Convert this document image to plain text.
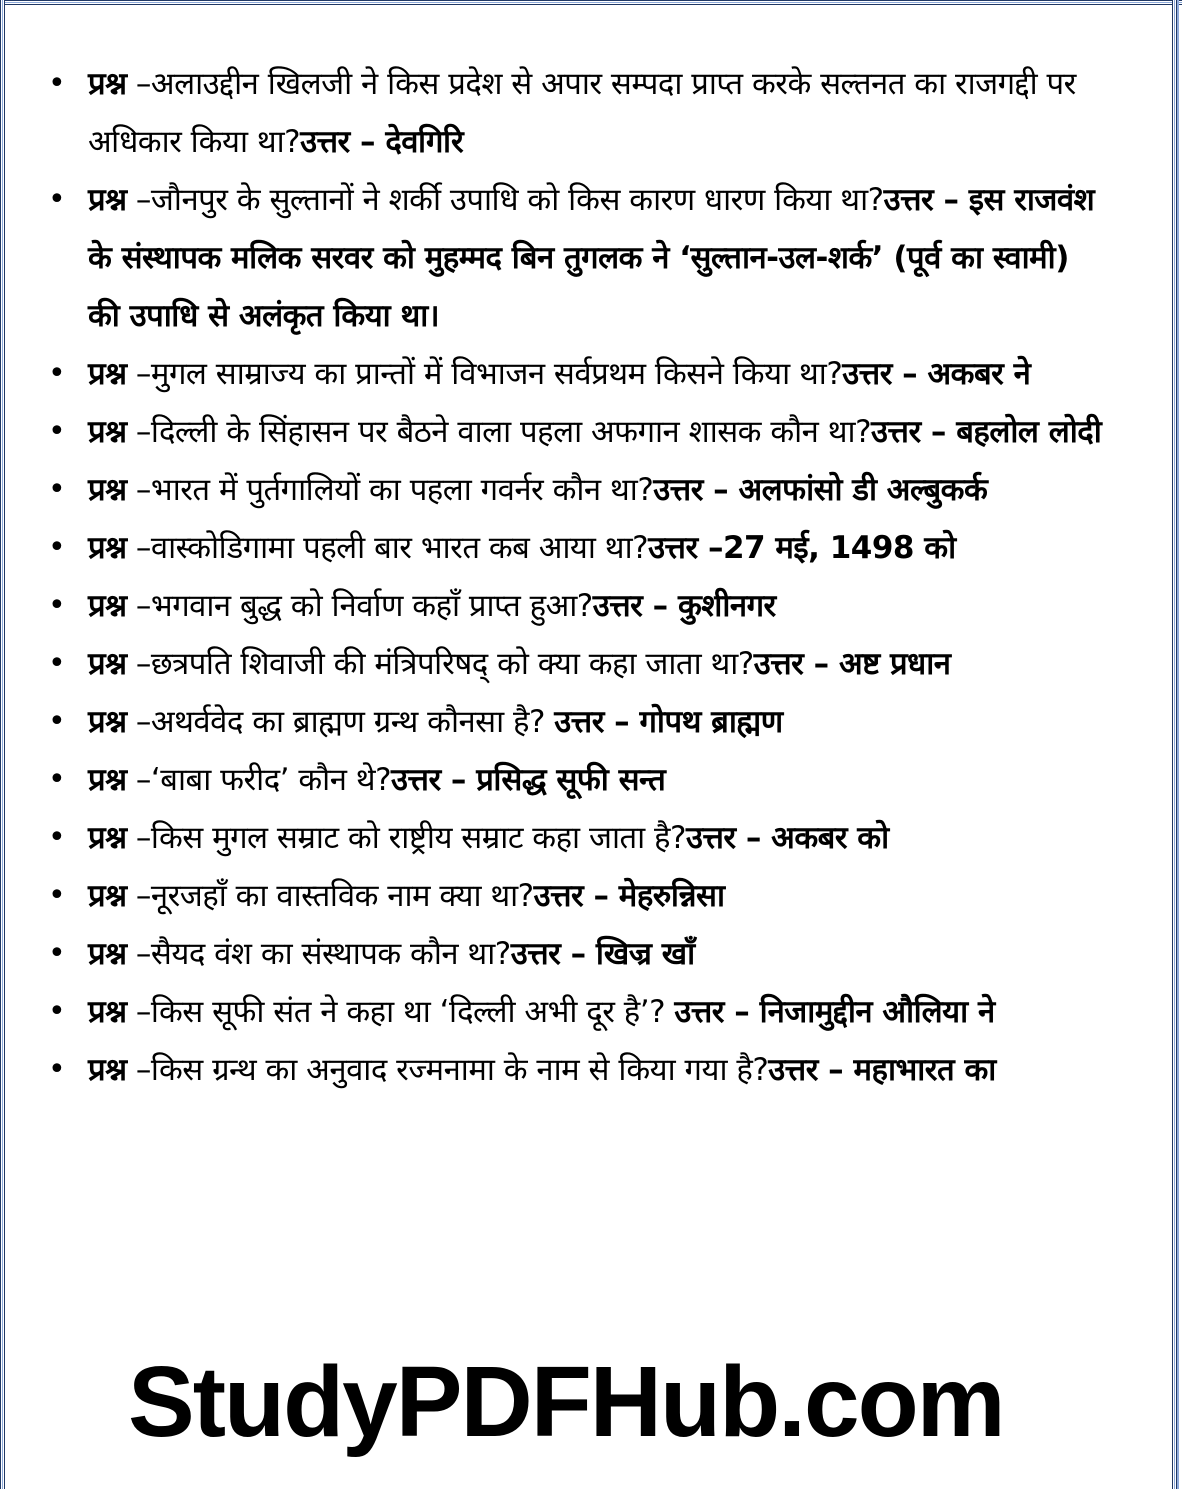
• प्रश्न –अलाउद्दीन खिलजी ने किस प्रदेश से अपार सम्पदा प्राप्त करके सल्तनत का राजगद्दी पर अधिकार किया था?उत्तर – देवगिरि
• प्रश्न –जौनपुर के सुल्तानों ने शर्की उपाधि को किस कारण धारण किया था?उत्तर – इस राजवंश के संस्थापक मलिक सरवर को मुहम्मद बिन तुगलक ने ‘सुल्तान-उल-शर्क’ (पूर्व का स्वामी) की उपाधि से अलंकृत किया था।
• प्रश्न –मुगल साम्राज्य का प्रान्तों में विभाजन सर्वप्रथम किसने किया था?उत्तर – अकबर ने
• प्रश्न –दिल्ली के सिंहासन पर बैठने वाला पहला अफगान शासक कौन था?उत्तर – बहलोल लोदी
• प्रश्न –भारत में पुर्तगालियों का पहला गवर्नर कौन था?उत्तर – अलफांसो डी अल्बुकर्क
• प्रश्न –वास्कोडिगामा पहली बार भारत कब आया था?उत्तर –27 मई, 1498 को
• प्रश्न –भगवान बुद्ध को निर्वाण कहाँ प्राप्त हुआ?उत्तर – कुशीनगर
• प्रश्न –छत्रपति शिवाजी की मंत्रिपरिषद् को क्या कहा जाता था?उत्तर – अष्ट प्रधान
• प्रश्न –अथर्ववेद का ब्राह्मण ग्रन्थ कौनसा है? उत्तर – गोपथ ब्राह्मण
• प्रश्न –‘बाबा फरीद’ कौन थे?उत्तर – प्रसिद्ध सूफी सन्त
• प्रश्न –किस मुगल सम्राट को राष्ट्रीय सम्राट कहा जाता है?उत्तर – अकबर को
• प्रश्न –नूरजहाँ का वास्तविक नाम क्या था?उत्तर – मेहरुन्निसा
• प्रश्न –सैयद वंश का संस्थापक कौन था?उत्तर – खिज्र खाँ
• प्रश्न –किस सूफी संत ने कहा था ‘दिल्ली अभी दूर है’? उत्तर – निजामुद्दीन औलिया ने
• प्रश्न –किस ग्रन्थ का अनुवाद रज्मनामा के नाम से किया गया है?उत्तर – महाभारत का
StudyPDFHub.com
